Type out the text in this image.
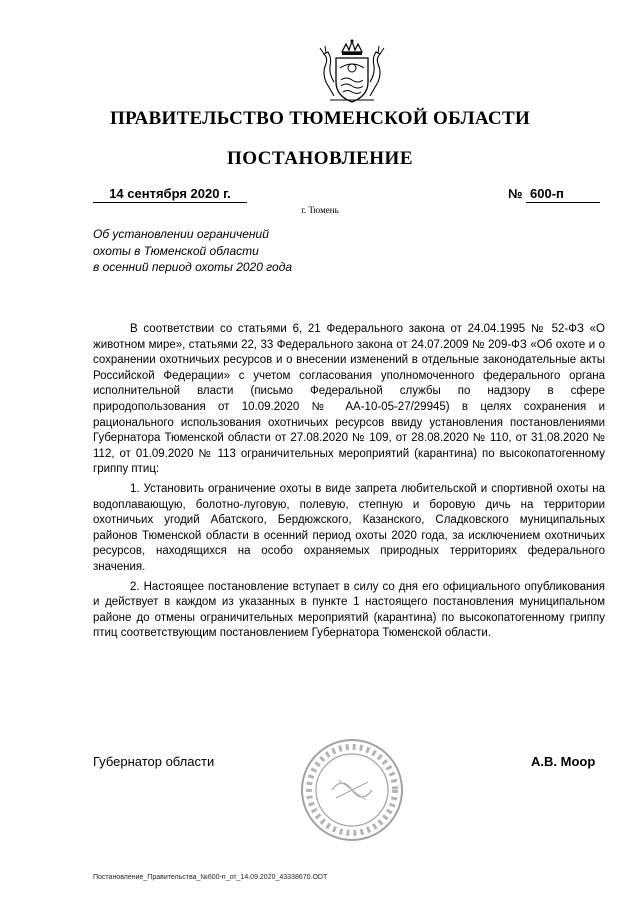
ПРАВИТЕЛЬСТВО ТЮМЕНСКОЙ ОБЛАСТИ
ПОСТАНОВЛЕНИЕ
14 сентября 2020 г.	№ 600-п
г. Тюмень
Об установлении ограничений
охоты в Тюменской области
в осенний период охоты 2020 года

В соответствии со статьями 6, 21 Федерального закона от 24.04.1995 № 52-ФЗ «О животном мире», статьями 22, 33 Федерального закона от 24.07.2009 № 209-ФЗ «Об охоте и о сохранении охотничьих ресурсов и о внесении изменений в отдельные законодательные акты Российской Федерации» с учетом согласования уполномоченного федерального органа исполнительной власти (письмо Федеральной службы по надзору в сфере природопользования от 10.09.2020 № АА-10-05-27/29945) в целях сохранения и рационального использования охотничьих ресурсов ввиду установления постановлениями Губернатора Тюменской области от 27.08.2020 № 109, от 28.08.2020 № 110, от 31.08.2020 № 112, от 01.09.2020 № 113 ограничительных мероприятий (карантина) по высокопатогенному гриппу птиц:

1. Установить ограничение охоты в виде запрета любительской и спортивной охоты на водоплавающую, болотно-луговую, полевую, степную и боровую дичь на территории охотничьих угодий Абатского, Бердюжского, Казанского, Сладковского муниципальных районов Тюменской области в осенний период охоты 2020 года, за исключением охотничьих ресурсов, находящихся на особо охраняемых природных территориях федерального значения.

2. Настоящее постановление вступает в силу со дня его официального опубликования и действует в каждом из указанных в пункте 1 настоящего постановления муниципальном районе до отмены ограничительных мероприятий (карантина) по высокопатогенному гриппу птиц соответствующим постановлением Губернатора Тюменской области.

Губернатор области	А.В. Моор
Постановление_Правительства_№600-п_от_14.09.2020_43338670.ODT
